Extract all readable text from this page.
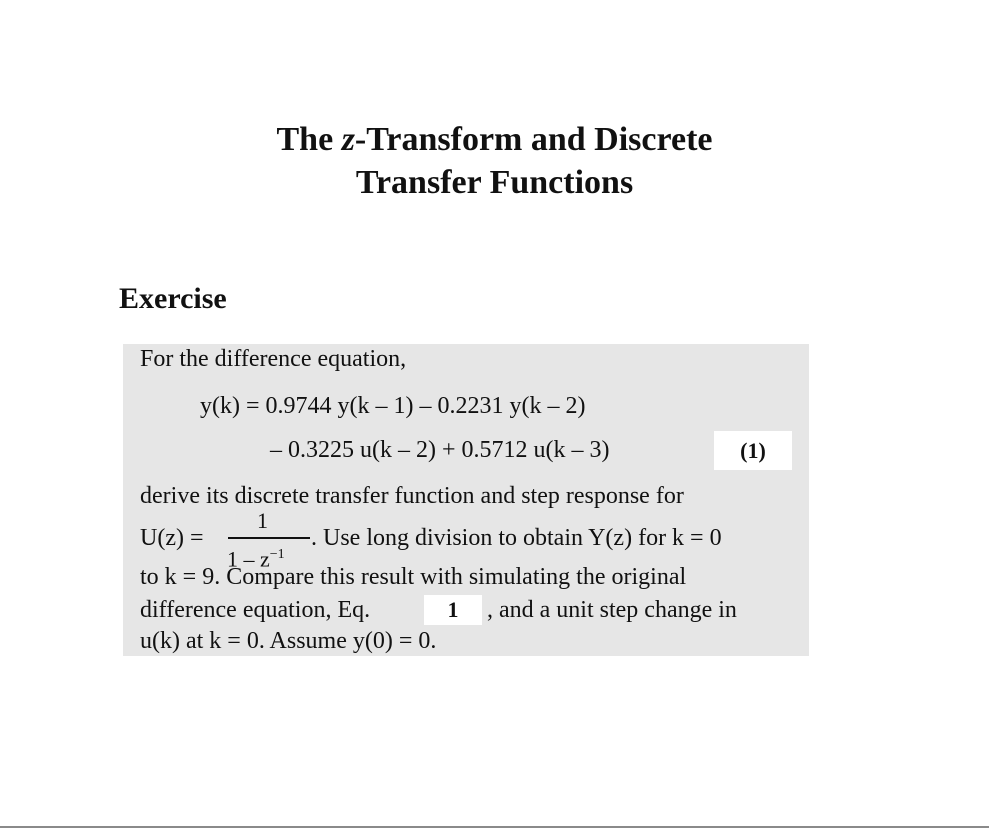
The z-Transform and Discrete
Transfer Functions
Exercise
For the difference equation,
y(k) = 0.9744 y(k – 1) – 0.2231 y(k – 2)
– 0.3225 u(k – 2) + 0.5712 u(k – 3)	(1)
derive its discrete transfer function and step response for
U(z) =
1
$1 - z^{-1}$
. Use long division to obtain Y(z) for k = 0
to k = 9. Compare this result with simulating the original
difference equation, Eq.	1	, and a unit step change in
u(k) at k = 0. Assume y(0) = 0.
